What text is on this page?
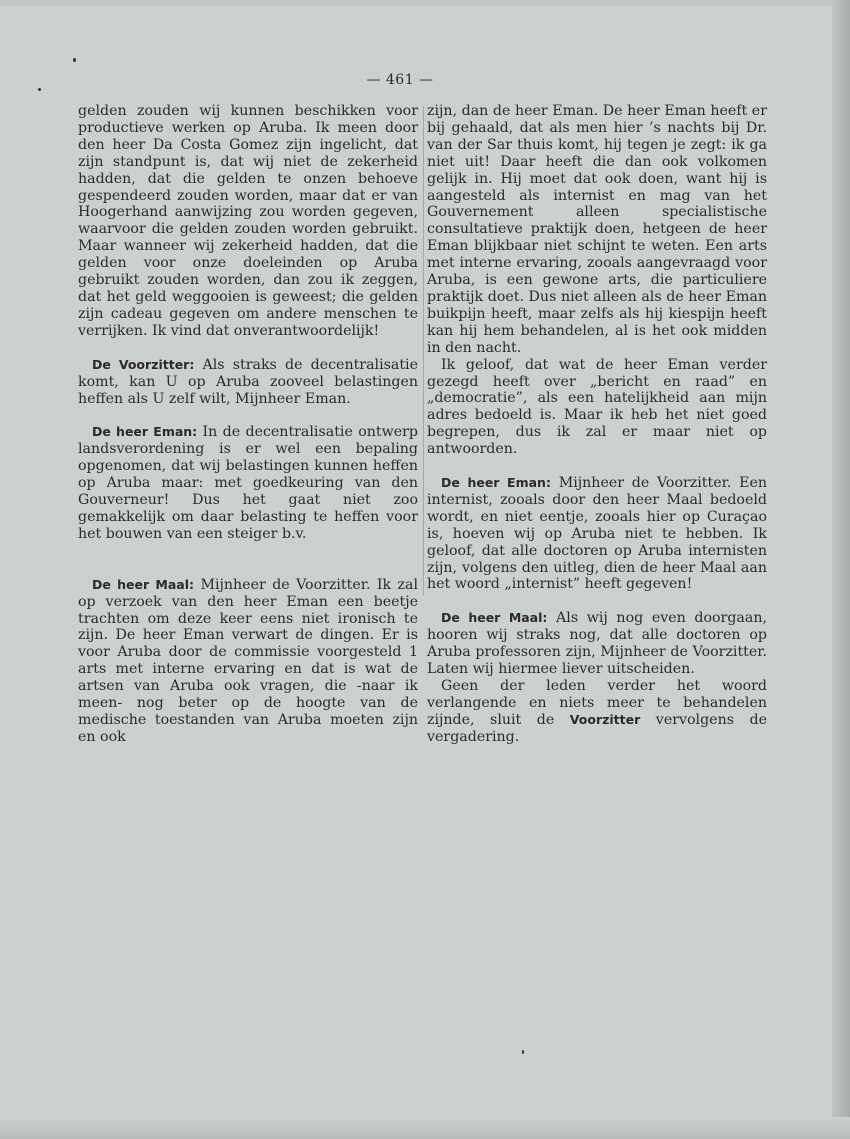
— 461 —

gelden zouden wij kunnen beschikken voor productieve werken op Aruba. Ik meen door den heer Da Costa Gomez zijn ingelicht, dat zijn standpunt is, dat wij niet de zekerheid hadden, dat die gelden te onzen behoeve gespendeerd zouden worden, maar dat er van Hoogerhand aanwijzing zou worden gegeven, waarvoor die gelden zouden worden gebruikt. Maar wanneer wij zekerheid hadden, dat die gelden voor onze doeleinden op Aruba gebruikt zouden worden, dan zou ik zeggen, dat het geld weggooien is geweest; die gelden zijn cadeau gegeven om andere menschen te verrijken. Ik vind dat onverantwoordelijk!

De Voorzitter: Als straks de decentralisatie komt, kan U op Aruba zooveel belastingen heffen als U zelf wilt, Mijnheer Eman.

De heer Eman: In de decentralisatie ontwerp landsverordening is er wel een bepaling opgenomen, dat wij belastingen kunnen heffen op Aruba maar: met goedkeuring van den Gouverneur! Dus het gaat niet zoo gemakkelijk om daar belasting te heffen voor het bouwen van een steiger b.v.

De heer Maal: Mijnheer de Voorzitter. Ik zal op verzoek van den heer Eman een beetje trachten om deze keer eens niet ironisch te zijn. De heer Eman verwart de dingen. Er is voor Aruba door de commissie voorgesteld 1 arts met interne ervaring en dat is wat de artsen van Aruba ook vragen, die -naar ik meen- nog beter op de hoogte van de medische toestanden van Aruba moeten zijn en ook

zijn, dan de heer Eman. De heer Eman heeft er bij gehaald, dat als men hier ’s nachts bij Dr. van der Sar thuis komt, hij tegen je zegt: ik ga niet uit! Daar heeft die dan ook volkomen gelijk in. Hij moet dat ook doen, want hij is aangesteld als internist en mag van het Gouvernement alleen specialistische consultatieve praktijk doen, hetgeen de heer Eman blijkbaar niet schijnt te weten. Een arts met interne ervaring, zooals aangevraagd voor Aruba, is een gewone arts, die particuliere praktijk doet. Dus niet alleen als de heer Eman buikpijn heeft, maar zelfs als hij kiespijn heeft kan hij hem behandelen, al is het ook midden in den nacht.

Ik geloof, dat wat de heer Eman verder gezegd heeft over „bericht en raad” en „democratie”, als een hatelijkheid aan mijn adres bedoeld is. Maar ik heb het niet goed begrepen, dus ik zal er maar niet op antwoorden.

De heer Eman: Mijnheer de Voorzitter. Een internist, zooals door den heer Maal bedoeld wordt, en niet eentje, zooals hier op Curaçao is, hoeven wij op Aruba niet te hebben. Ik geloof, dat alle doctoren op Aruba internisten zijn, volgens den uitleg, dien de heer Maal aan het woord „internist” heeft gegeven!

De heer Maal: Als wij nog even doorgaan, hooren wij straks nog, dat alle doctoren op Aruba professoren zijn, Mijnheer de Voorzitter. Laten wij hiermee liever uitscheiden.

Geen der leden verder het woord verlangende en niets meer te behandelen zijnde, sluit de Voorzitter vervolgens de vergadering.
